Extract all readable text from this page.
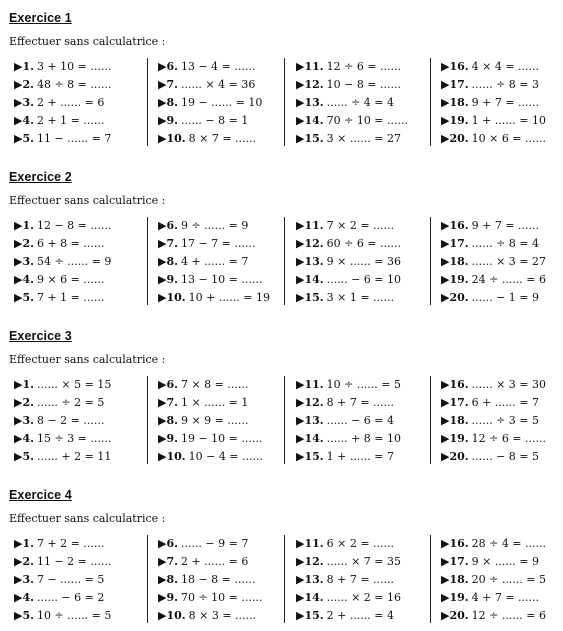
Exercice 1
Effectuer sans calculatrice :
▶1. 3 + 10 = ......
▶2. 48 ÷ 8 = ......
▶3. 2 + ...... = 6
▶4. 2 + 1 = ......
▶5. 11 − ...... = 7
▶6. 13 − 4 = ......
▶7. ...... × 4 = 36
▶8. 19 − ...... = 10
▶9. ...... − 8 = 1
▶10. 8 × 7 = ......
▶11. 12 ÷ 6 = ......
▶12. 10 − 8 = ......
▶13. ...... ÷ 4 = 4
▶14. 70 ÷ 10 = ......
▶15. 3 × ...... = 27
▶16. 4 × 4 = ......
▶17. ...... ÷ 8 = 3
▶18. 9 + 7 = ......
▶19. 1 + ...... = 10
▶20. 10 × 6 = ......
Exercice 2
Effectuer sans calculatrice :
▶1. 12 − 8 = ......
▶2. 6 + 8 = ......
▶3. 54 ÷ ...... = 9
▶4. 9 × 6 = ......
▶5. 7 + 1 = ......
▶6. 9 ÷ ...... = 9
▶7. 17 − 7 = ......
▶8. 4 + ...... = 7
▶9. 13 − 10 = ......
▶10. 10 + ...... = 19
▶11. 7 × 2 = ......
▶12. 60 ÷ 6 = ......
▶13. 9 × ...... = 36
▶14. ...... − 6 = 10
▶15. 3 × 1 = ......
▶16. 9 + 7 = ......
▶17. ...... ÷ 8 = 4
▶18. ...... × 3 = 27
▶19. 24 ÷ ...... = 6
▶20. ...... − 1 = 9
Exercice 3
Effectuer sans calculatrice :
▶1. ...... × 5 = 15
▶2. ...... ÷ 2 = 5
▶3. 8 − 2 = ......
▶4. 15 ÷ 3 = ......
▶5. ...... + 2 = 11
▶6. 7 × 8 = ......
▶7. 1 × ...... = 1
▶8. 9 × 9 = ......
▶9. 19 − 10 = ......
▶10. 10 − 4 = ......
▶11. 10 ÷ ...... = 5
▶12. 8 + 7 = ......
▶13. ...... − 6 = 4
▶14. ...... + 8 = 10
▶15. 1 + ...... = 7
▶16. ...... × 3 = 30
▶17. 6 + ...... = 7
▶18. ...... ÷ 3 = 5
▶19. 12 ÷ 6 = ......
▶20. ...... − 8 = 5
Exercice 4
Effectuer sans calculatrice :
▶1. 7 + 2 = ......
▶2. 11 − 2 = ......
▶3. 7 − ...... = 5
▶4. ...... − 6 = 2
▶5. 10 ÷ ...... = 5
▶6. ...... − 9 = 7
▶7. 2 + ...... = 6
▶8. 18 − 8 = ......
▶9. 70 ÷ 10 = ......
▶10. 8 × 3 = ......
▶11. 6 × 2 = ......
▶12. ...... × 7 = 35
▶13. 8 + 7 = ......
▶14. ...... × 2 = 16
▶15. 2 + ...... = 4
▶16. 28 ÷ 4 = ......
▶17. 9 × ...... = 9
▶18. 20 ÷ ...... = 5
▶19. 4 + 7 = ......
▶20. 12 ÷ ...... = 6
